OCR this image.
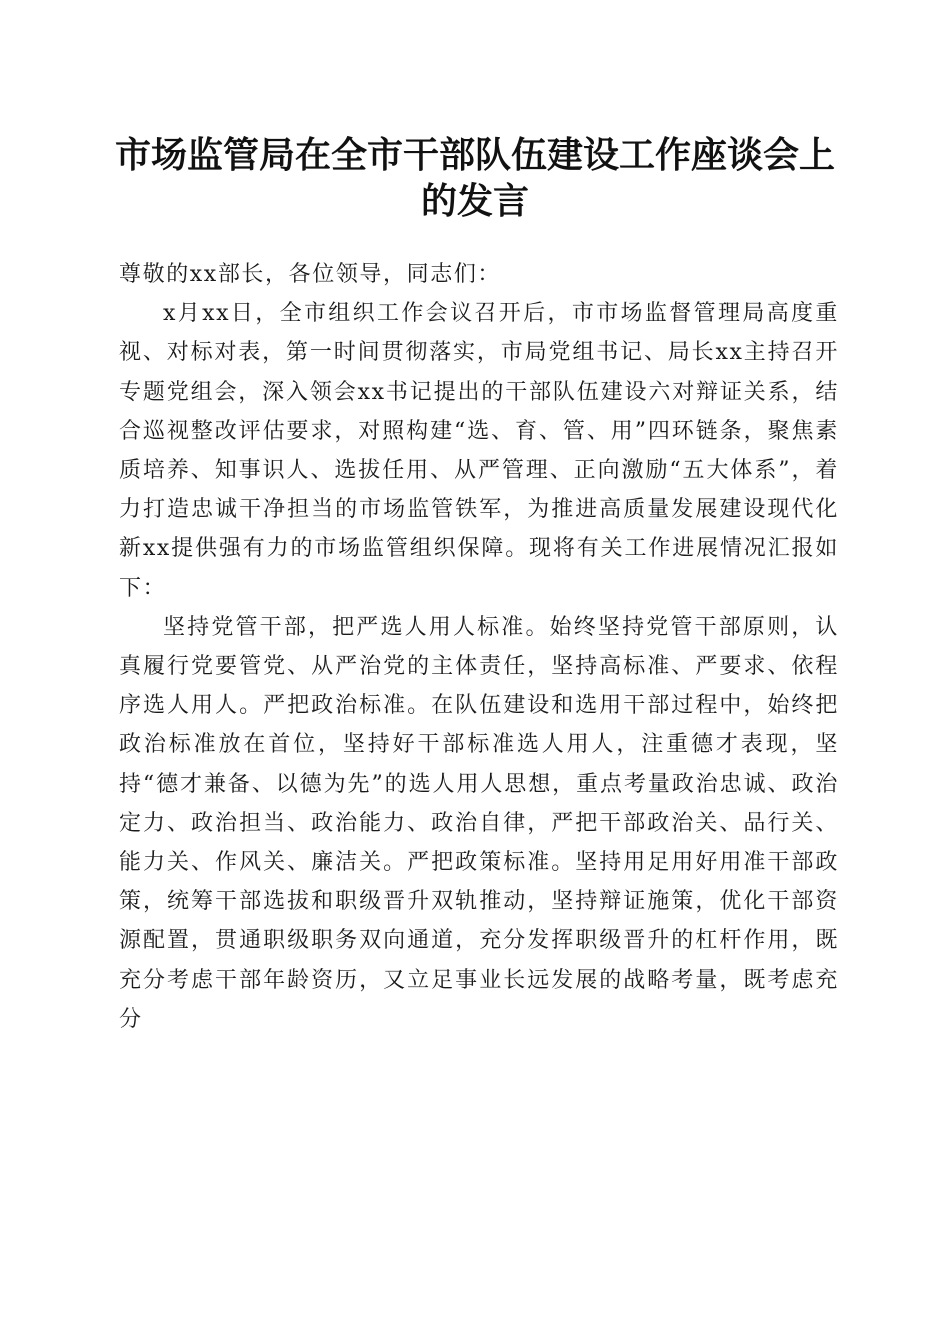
市场监管局在全市干部队伍建设工作座谈会上
的发言

尊敬的xx部长，各位领导，同志们：

x月xx日，全市组织工作会议召开后，市市场监督管理局高度重视、对标对表，第一时间贯彻落实，市局党组书记、局长xx主持召开专题党组会，深入领会xx书记提出的干部队伍建设六对辩证关系，结合巡视整改评估要求，对照构建“选、育、管、用”四环链条，聚焦素质培养、知事识人、选拔任用、从严管理、正向激励“五大体系”，着力打造忠诚干净担当的市场监管铁军，为推进高质量发展建设现代化新xx提供强有力的市场监管组织保障。现将有关工作进展情况汇报如下：

坚持党管干部，把严选人用人标准。始终坚持党管干部原则，认真履行党要管党、从严治党的主体责任，坚持高标准、严要求、依程序选人用人。严把政治标准。在队伍建设和选用干部过程中，始终把政治标准放在首位，坚持好干部标准选人用人，注重德才表现，坚持“德才兼备、以德为先”的选人用人思想，重点考量政治忠诚、政治定力、政治担当、政治能力、政治自律，严把干部政治关、品行关、能力关、作风关、廉洁关。严把政策标准。坚持用足用好用准干部政策，统筹干部选拔和职级晋升双轨推动，坚持辩证施策，优化干部资源配置，贯通职级职务双向通道，充分发挥职级晋升的杠杆作用，既充分考虑干部年龄资历，又立足事业长远发展的战略考量，既考虑充分
